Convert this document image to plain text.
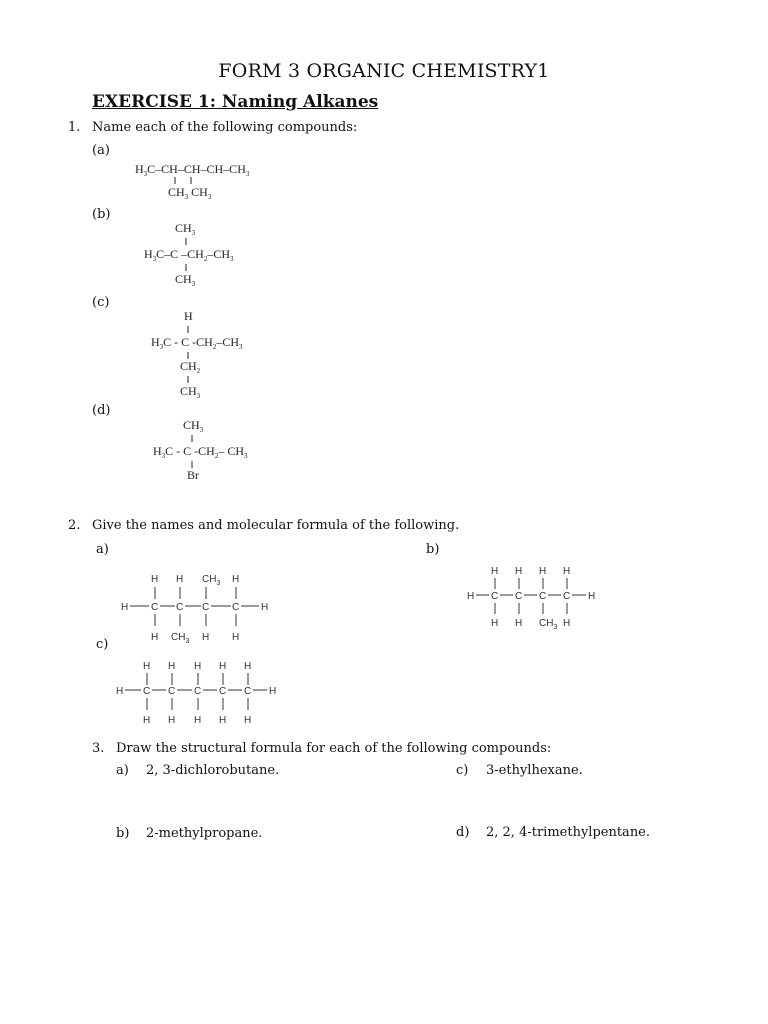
FORM 3 ORGANIC CHEMISTRY1
EXERCISE 1: Naming Alkanes
1. Name each of the following compounds:
(a)
$H_3C-CH-CH-CH-CH_3$
$CH_3$ $CH_3$
(b)
$CH_3$
$H_3C-C$ $-CH_2-CH_3$
$CH_3$
(c)
H
$H_3C$ - C $-CH_2-CH_3$
$CH_2$
$CH_3$
(d)
$CH_3$
$H_3C$ - C $-CH_2-$ $CH_3$
Br
2. Give the names and molecular formula of the following.
a)
H H $CH_3$ H
H C C C C H
H $CH_3$ H H
b)
H H H H
H C C C C H
H H $CH_3$ H
c)
H H H H H
H C C C C C H
H H H H H
3. Draw the structural formula for each of the following compounds:
a) 2, 3-dichlorobutane.	c) 3-ethylhexane.
b) 2-methylpropane.	d) 2, 2, 4-trimethylpentane.
